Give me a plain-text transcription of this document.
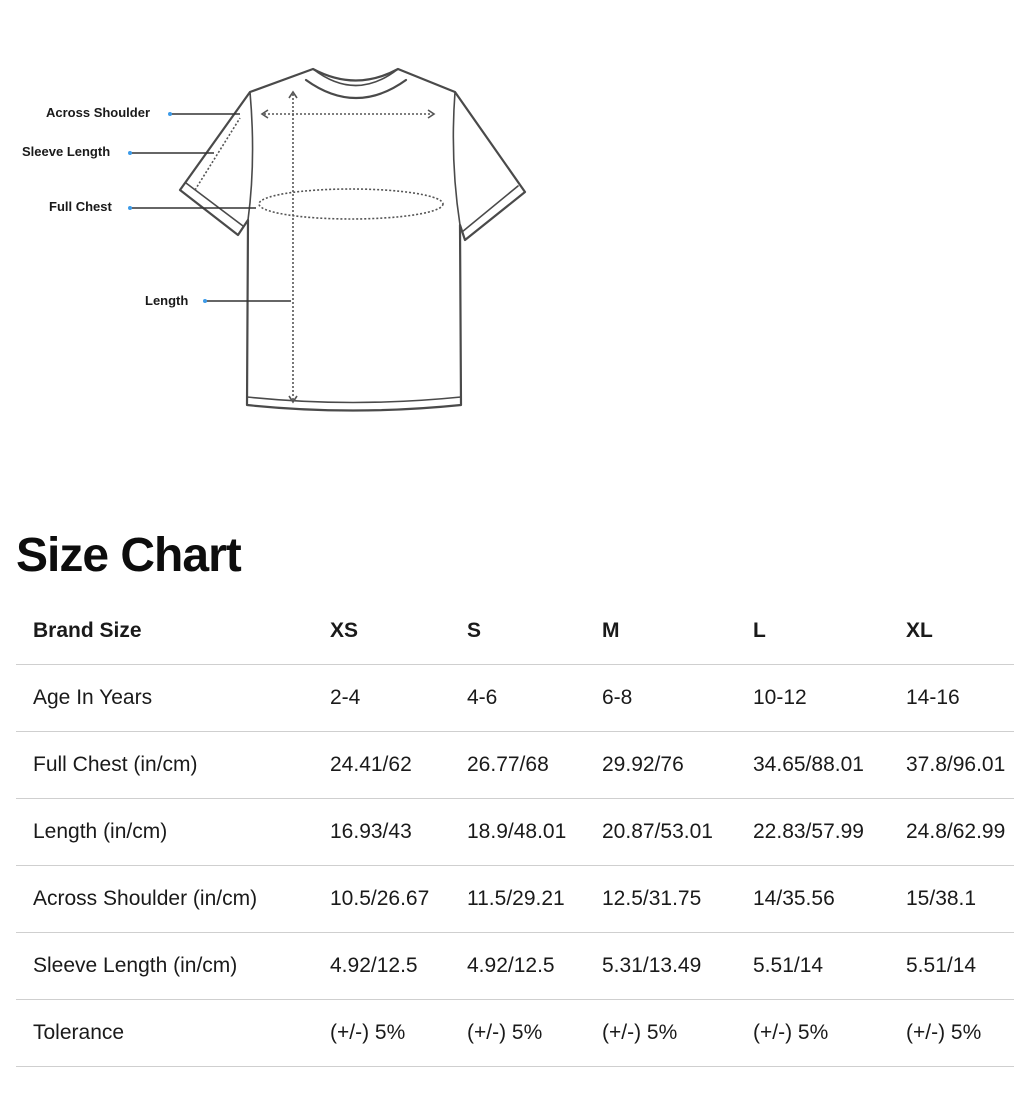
Across Shoulder
Sleeve Length
Full Chest
Length
Size Chart
Brand Size	XS	S	M	L	XL
Age In Years	2-4	4-6	6-8	10-12	14-16
Full Chest (in/cm)	24.41/62	26.77/68	29.92/76	34.65/88.01	37.8/96.01
Length (in/cm)	16.93/43	18.9/48.01	20.87/53.01	22.83/57.99	24.8/62.99
Across Shoulder (in/cm)	10.5/26.67	11.5/29.21	12.5/31.75	14/35.56	15/38.1
Sleeve Length (in/cm)	4.92/12.5	4.92/12.5	5.31/13.49	5.51/14	5.51/14
Tolerance	(+/-) 5%	(+/-) 5%	(+/-) 5%	(+/-) 5%	(+/-) 5%
